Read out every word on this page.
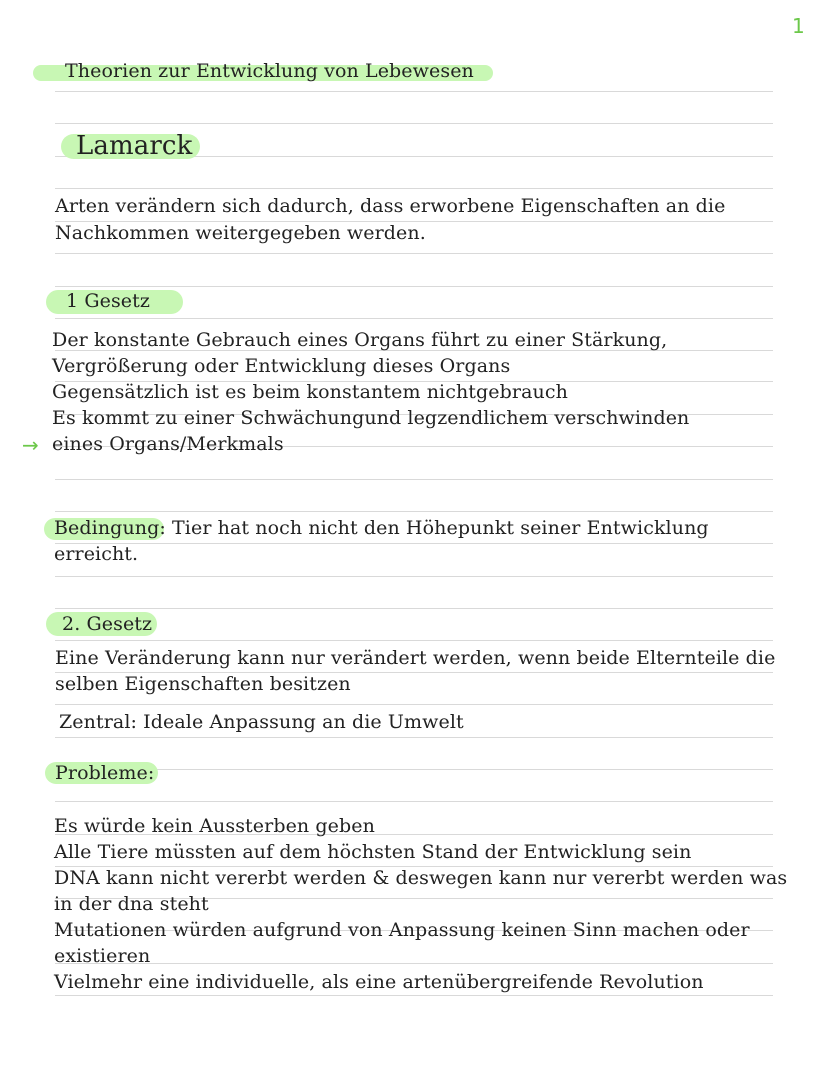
1
Theorien zur Entwicklung von Lebewesen
Lamarck
Arten verändern sich dadurch, dass erworbene Eigenschaften an die
Nachkommen weitergegeben werden.
1 Gesetz
Der konstante Gebrauch eines Organs führt zu einer Stärkung,
Vergrößerung oder Entwicklung dieses Organs
Gegensätzlich ist es beim konstantem nichtgebrauch
Es kommt zu einer Schwächungund legzendlichem verschwinden
→ eines Organs/Merkmals
Bedingung: Tier hat noch nicht den Höhepunkt seiner Entwicklung
erreicht.
2. Gesetz
Eine Veränderung kann nur verändert werden, wenn beide Elternteile die
selben Eigenschaften besitzen
Zentral: Ideale Anpassung an die Umwelt
Probleme:
Es würde kein Aussterben geben
Alle Tiere müssten auf dem höchsten Stand der Entwicklung sein
DNA kann nicht vererbt werden & deswegen kann nur vererbt werden was
in der dna steht
Mutationen würden aufgrund von Anpassung keinen Sinn machen oder
existieren
Vielmehr eine individuelle, als eine artenübergreifende Revolution
